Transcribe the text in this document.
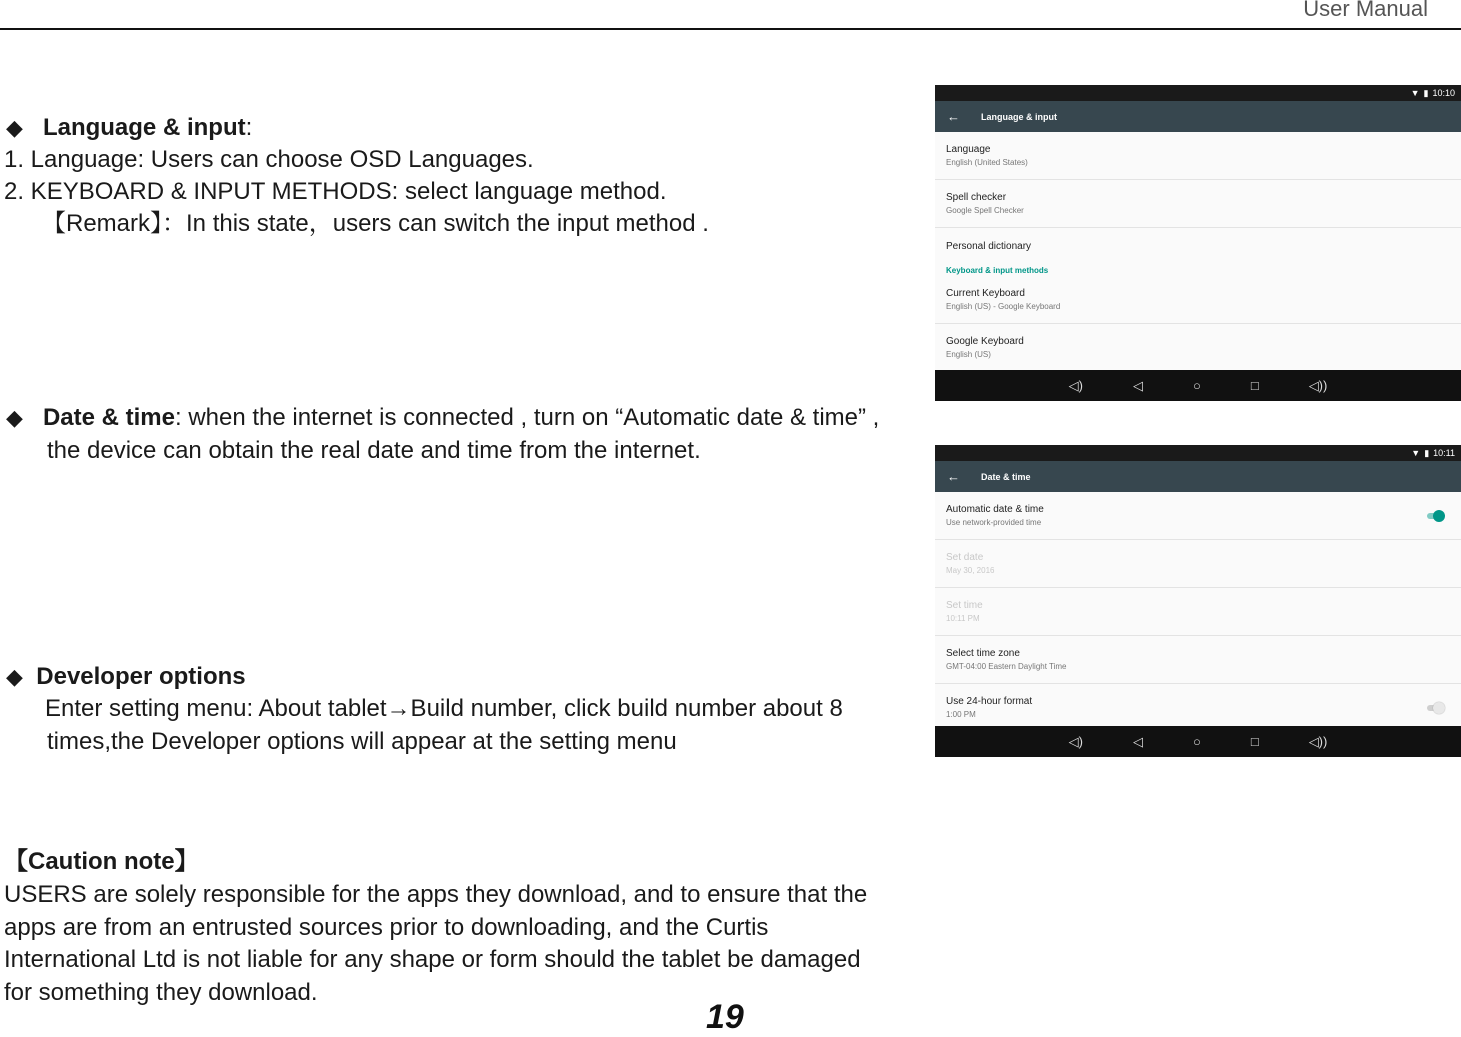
User Manual
◆ Language & input:
1. Language: Users can choose OSD Languages.
2. KEYBOARD & INPUT METHODS: select language method.
【Remark】：In this state，users can switch the input method .
◆ Date & time: when the internet is connected , turn on “Automatic date & time” ,
the device can obtain the real date and time from the internet.
◆ Developer options
Enter setting menu: About tablet→Build number, click build number about 8
times,the Developer options will appear at the setting menu
【Caution note】
USERS are solely responsible for the apps they download, and to ensure that the
apps are from an entrusted sources prior to downloading, and the Curtis
International Ltd is not liable for any shape or form should the tablet be damaged
for something they download.
19
▼ ▮ 10:10
← Language & input
Language
English (United States)
Spell checker
Google Spell Checker
Personal dictionary
Keyboard & input methods
Current Keyboard
English (US) - Google Keyboard
Google Keyboard
English (US)
◁)	◁	○	□	◁))
▼ ▮ 10:11
← Date & time
Automatic date & time
Use network-provided time
Set date
May 30, 2016
Set time
10:11 PM
Select time zone
GMT-04:00 Eastern Daylight Time
Use 24-hour format
1:00 PM
◁)	◁	○	□	◁))
